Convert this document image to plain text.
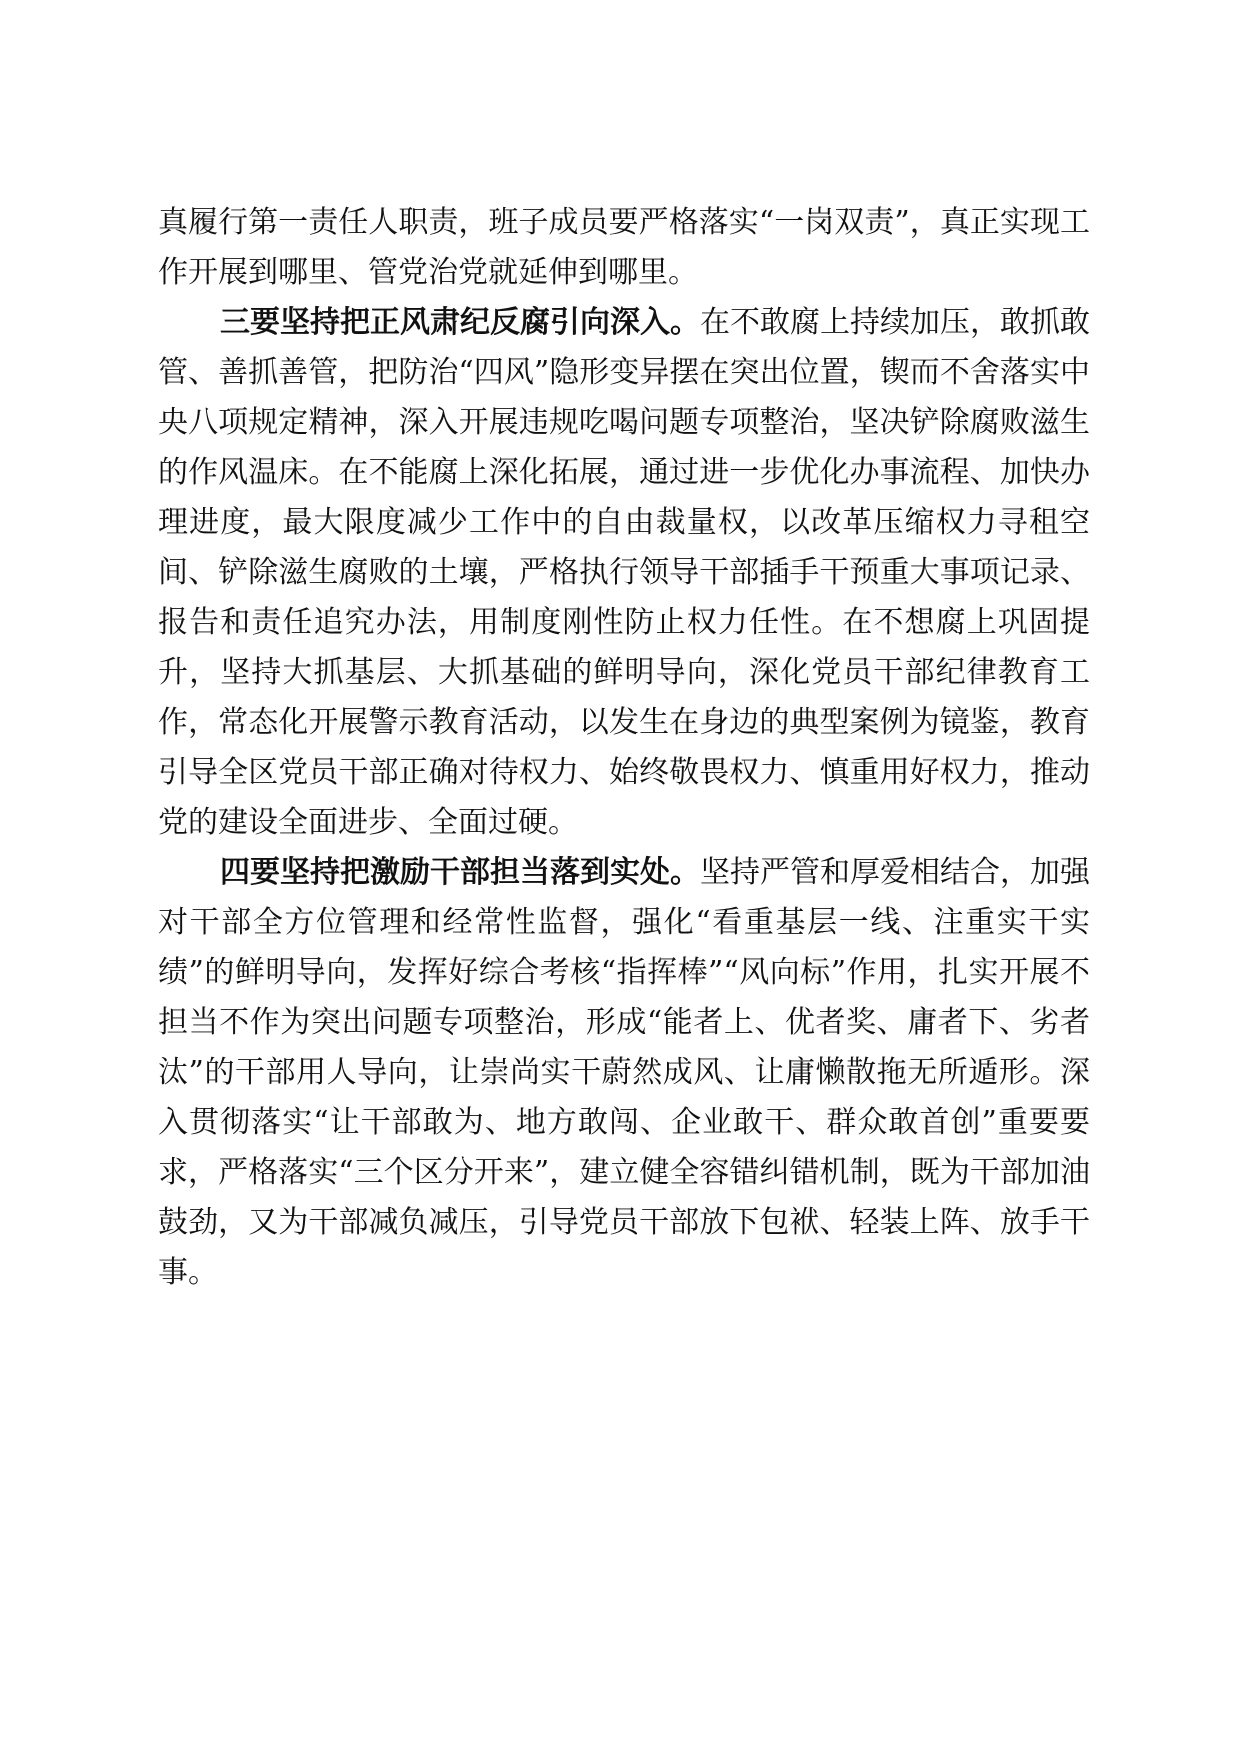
真履行第一责任人职责，班子成员要严格落实“一岗双责”，真正实现工作开展到哪里、管党治党就延伸到哪里。

三要坚持把正风肃纪反腐引向深入。在不敢腐上持续加压，敢抓敢管、善抓善管，把防治“四风”隐形变异摆在突出位置，锲而不舍落实中央八项规定精神，深入开展违规吃喝问题专项整治，坚决铲除腐败滋生的作风温床。在不能腐上深化拓展，通过进一步优化办事流程、加快办理进度，最大限度减少工作中的自由裁量权，以改革压缩权力寻租空间、铲除滋生腐败的土壤，严格执行领导干部插手干预重大事项记录、报告和责任追究办法，用制度刚性防止权力任性。在不想腐上巩固提升，坚持大抓基层、大抓基础的鲜明导向，深化党员干部纪律教育工作，常态化开展警示教育活动，以发生在身边的典型案例为镜鉴，教育引导全区党员干部正确对待权力、始终敬畏权力、慎重用好权力，推动党的建设全面进步、全面过硬。

四要坚持把激励干部担当落到实处。坚持严管和厚爱相结合，加强对干部全方位管理和经常性监督，强化“看重基层一线、注重实干实绩”的鲜明导向，发挥好综合考核“指挥棒”“风向标”作用，扎实开展不担当不作为突出问题专项整治，形成“能者上、优者奖、庸者下、劣者汰”的干部用人导向，让崇尚实干蔚然成风、让庸懒散拖无所遁形。深入贯彻落实“让干部敢为、地方敢闯、企业敢干、群众敢首创”重要要求，严格落实“三个区分开来”，建立健全容错纠错机制，既为干部加油鼓劲，又为干部减负减压，引导党员干部放下包袱、轻装上阵、放手干事。
